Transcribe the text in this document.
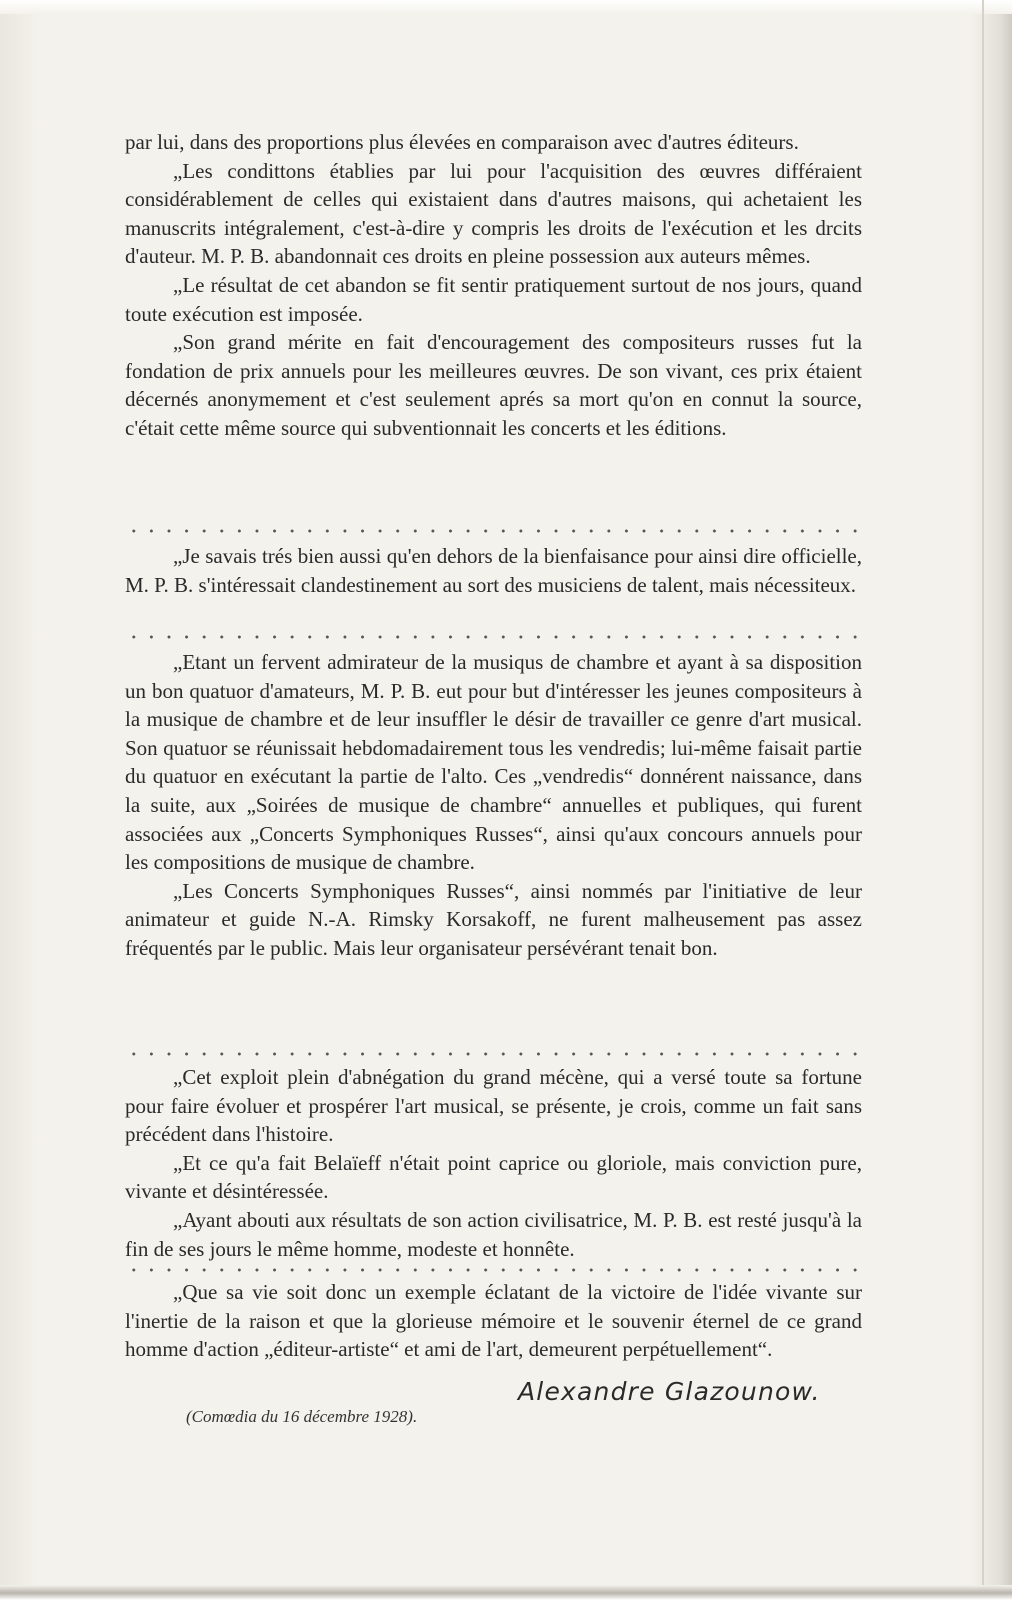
par lui, dans des proportions plus élevées en comparaison avec d'autres éditeurs.

„Les condittons établies par lui pour l'acquisition des œuvres différaient considérablement de celles qui existaient dans d'autres maisons, qui achetaient les manuscrits intégralement, c'est-à-dire y compris les droits de l'exécution et les drcits d'auteur. M. P. B. abandonnait ces droits en pleine possession aux auteurs mêmes.

„Le résultat de cet abandon se fit sentir pratiquement surtout de nos jours, quand toute exécution est imposée.

„Son grand mérite en fait d'encouragement des compositeurs russes fut la fondation de prix annuels pour les meilleures œuvres. De son vivant, ces prix étaient décernés anonymement et c'est seulement aprés sa mort qu'on en connut la source, c'était cette même source qui subventionnait les concerts et les éditions.

„Je savais trés bien aussi qu'en dehors de la bienfaisance pour ainsi dire officielle, M. P. B. s'intéressait clandestinement au sort des musiciens de talent, mais nécessiteux.

„Etant un fervent admirateur de la musiqus de chambre et ayant à sa disposition un bon quatuor d'amateurs, M. P. B. eut pour but d'intéresser les jeunes compositeurs à la musique de chambre et de leur insuffler le désir de travailler ce genre d'art musical. Son quatuor se réunissait hebdomadairement tous les vendredis; lui-même faisait partie du quatuor en exécutant la partie de l'alto. Ces „vendredis“ donnérent naissance, dans la suite, aux „Soirées de musique de chambre“ annuelles et publiques, qui furent associées aux „Concerts Symphoniques Russes“, ainsi qu'aux concours annuels pour les compositions de musique de chambre.

„Les Concerts Symphoniques Russes“, ainsi nommés par l'initiative de leur animateur et guide N.-A. Rimsky Korsakoff, ne furent malheusement pas assez fréquentés par le public. Mais leur organisateur persévérant tenait bon.

„Cet exploit plein d'abnégation du grand mécène, qui a versé toute sa fortune pour faire évoluer et prospérer l'art musical, se présente, je crois, comme un fait sans précédent dans l'histoire.

„Et ce qu'a fait Belaïeff n'était point caprice ou gloriole, mais conviction pure, vivante et désintéressée.

„Ayant abouti aux résultats de son action civilisatrice, M. P. B. est resté jusqu'à la fin de ses jours le même homme, modeste et honnête.

„Que sa vie soit donc un exemple éclatant de la victoire de l'idée vivante sur l'inertie de la raison et que la glorieuse mémoire et le souvenir éternel de ce grand homme d'action „éditeur-artiste“ et ami de l'art, demeurent perpétuellement“.

Alexandre Glazounow.
(Comœdia du 16 décembre 1928).
